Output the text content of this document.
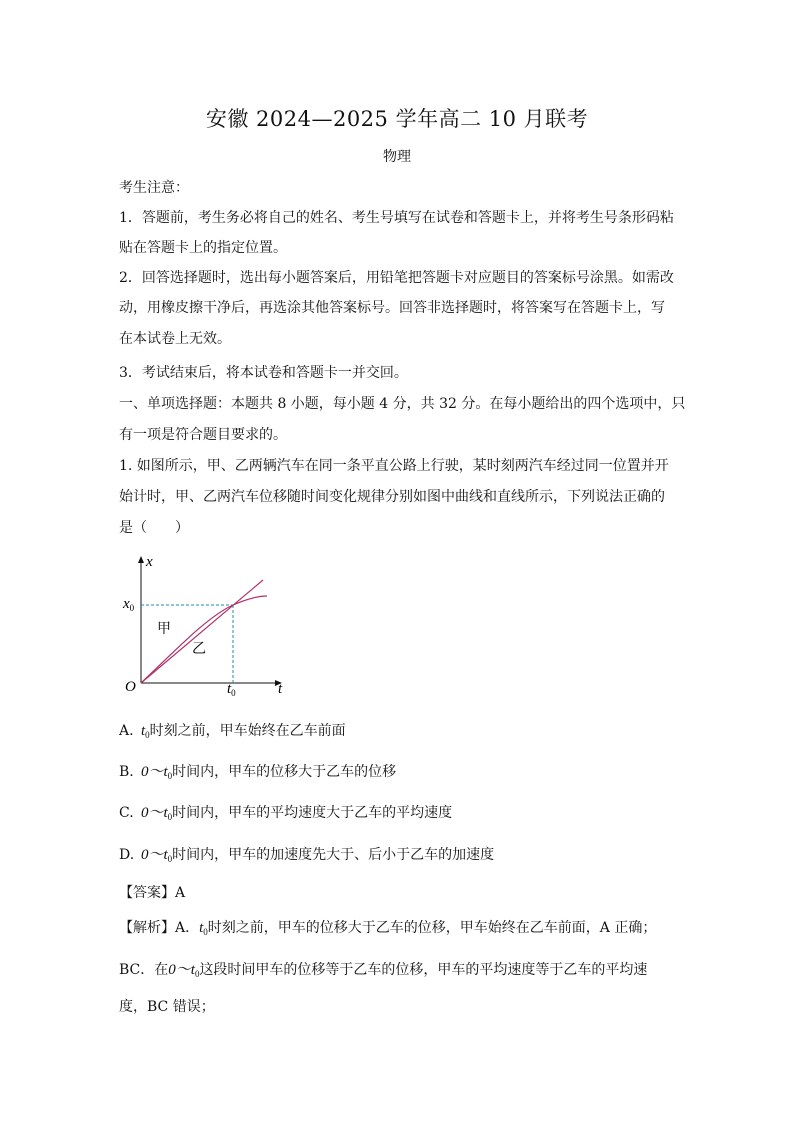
安徽 2024—2025 学年高二 10 月联考
物理
考生注意：
1．答题前，考生务必将自己的姓名、考生号填写在试卷和答题卡上，并将考生号条形码粘
贴在答题卡上的指定位置。
2．回答选择题时，选出每小题答案后，用铅笔把答题卡对应题目的答案标号涂黑。如需改
动，用橡皮擦干净后，再选涂其他答案标号。回答非选择题时，将答案写在答题卡上，写
在本试卷上无效。
3．考试结束后，将本试卷和答题卡一并交回。
一、单项选择题：本题共 8 小题，每小题 4 分，共 32 分。在每小题给出的四个选项中，只
有一项是符合题目要求的。
1. 如图所示，甲、乙两辆汽车在同一条平直公路上行驶，某时刻两汽车经过同一位置并开
始计时，甲、乙两汽车位移随时间变化规律分别如图中曲线和直线所示，下列说法正确的
是（　　）
x
t
O
$x_0$
$t_0$
甲
乙
A. $t_0$时刻之前，甲车始终在乙车前面
B. $0\sim t_0$时间内，甲车的位移大于乙车的位移
C. $0\sim t_0$时间内，甲车的平均速度大于乙车的平均速度
D. $0\sim t_0$时间内，甲车的加速度先大于、后小于乙车的加速度
【答案】A
【解析】A．$t_0$时刻之前，甲车的位移大于乙车的位移，甲车始终在乙车前面，A 正确；
BC．在$0\sim t_0$这段时间甲车的位移等于乙车的位移，甲车的平均速度等于乙车的平均速
度，BC 错误；
